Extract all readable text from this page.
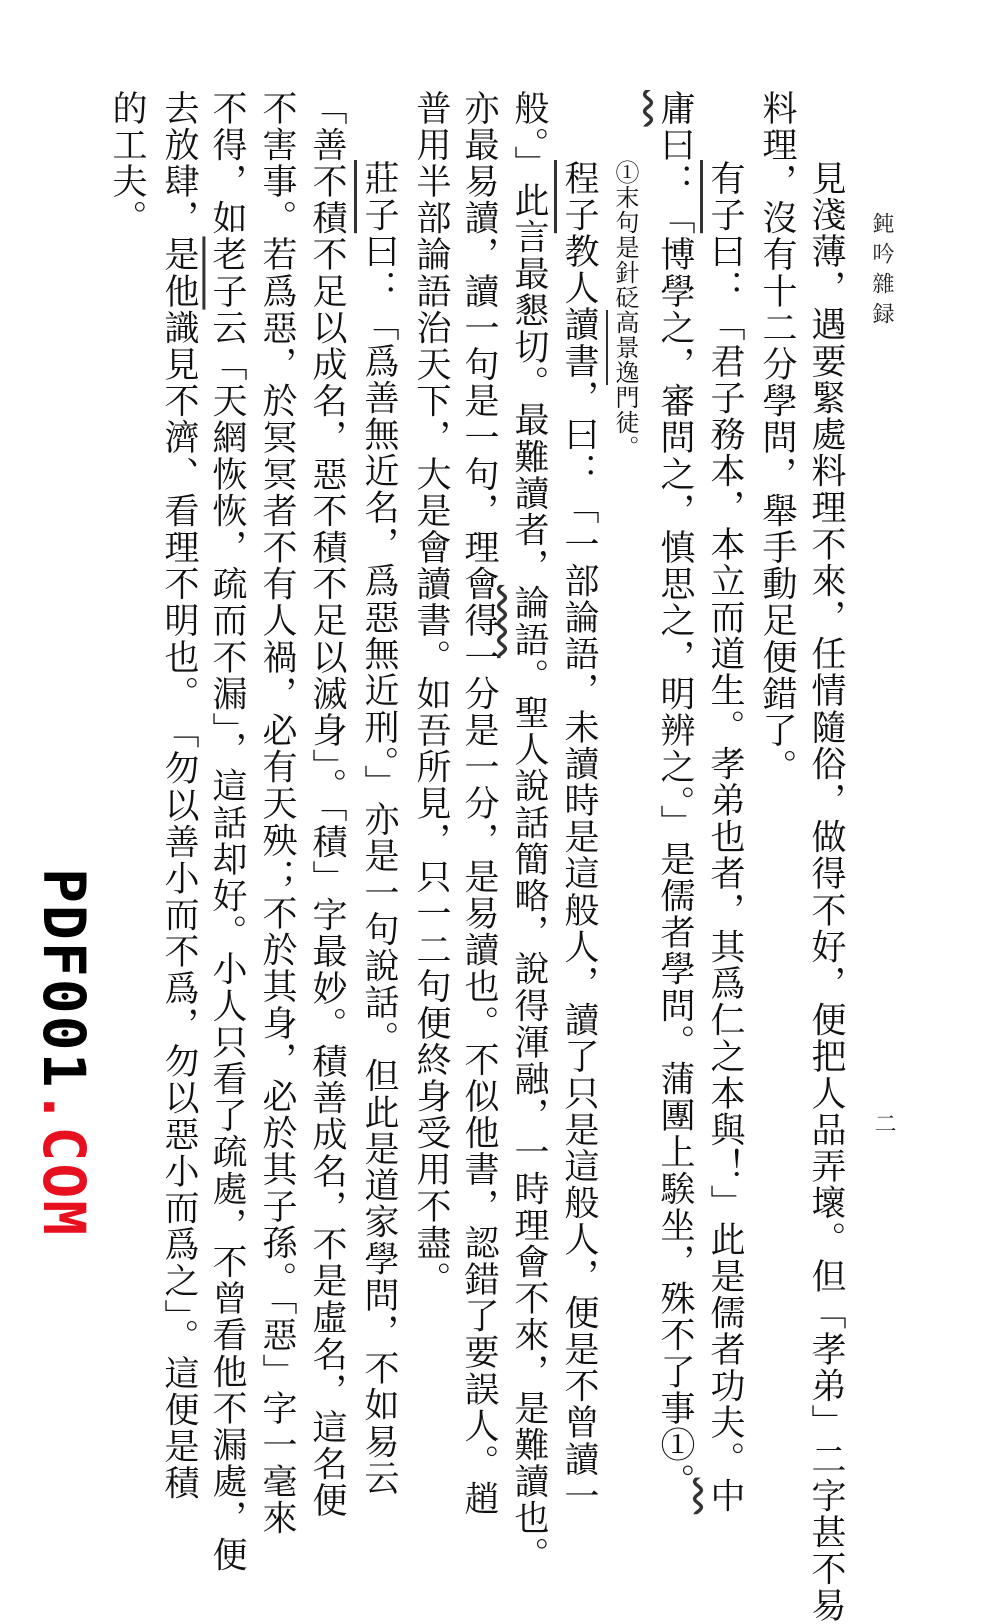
鈍吟雜録
二
見淺薄，遇要緊處料理不來，任情隨俗，做得不好，便把人品弄壞。但「孝弟」二字甚不易
料理，沒有十二分學問，舉手動足便錯了。
有子曰：「君子務本，本立而道生。孝弟也者，其爲仁之本與！」此是儒者功夫。中
庸曰：「博學之，審問之，慎思之，明辨之。」是儒者學問。蒲團上騃坐，殊不了事①。
①末句是針砭高景逸門徒。
程子教人讀書，曰：「一部論語，未讀時是這般人，讀了只是這般人，便是不曾讀一
般。」此言最懇切。最難讀者，論語。聖人說話簡略，說得渾融，一時理會不來，是難讀也。
亦最易讀，讀一句是一句，理會得一分是一分，是易讀也。不似他書，認錯了要誤人。趙
普用半部論語治天下，大是會讀書。如吾所見，只一二句便終身受用不盡。
莊子曰：「爲善無近名，爲惡無近刑。」亦是一句說話。但此是道家學問，不如易云
「善不積不足以成名，惡不積不足以滅身」。「積」字最妙。積善成名，不是虛名，這名便
不害事。若爲惡，於冥冥者不有人禍，必有天殃；不於其身，必於其子孫。「惡」字一毫來
不得，如老子云「天網恢恢，疏而不漏」，這話却好。小人只看了疏處，不曾看他不漏處，便
去放肆，是他識見不濟、看理不明也。　「勿以善小而不爲，勿以惡小而爲之」。這便是積
的工夫。
PDF001.COM
